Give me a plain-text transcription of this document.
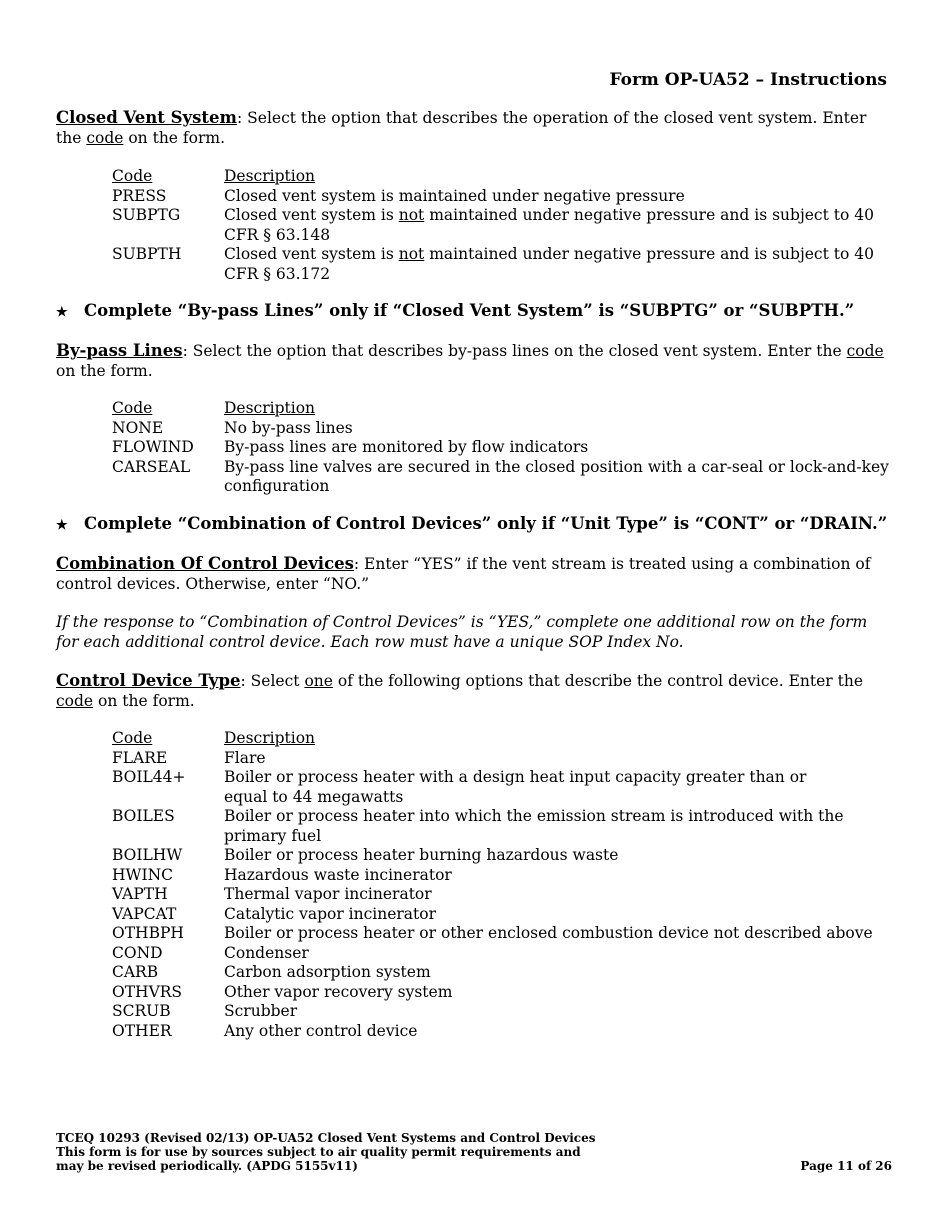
Form OP-UA52 – Instructions
Closed Vent System: Select the option that describes the operation of the closed vent system. Enter the code on the form.
Code	Description
PRESS	Closed vent system is maintained under negative pressure
SUBPTG	Closed vent system is not maintained under negative pressure and is subject to 40 CFR § 63.148
SUBPTH	Closed vent system is not maintained under negative pressure and is subject to 40 CFR § 63.172
★ Complete “By-pass Lines” only if “Closed Vent System” is “SUBPTG” or “SUBPTH.”
By-pass Lines: Select the option that describes by-pass lines on the closed vent system. Enter the code on the form.
Code	Description
NONE	No by-pass lines
FLOWIND	By-pass lines are monitored by flow indicators
CARSEAL	By-pass line valves are secured in the closed position with a car-seal or lock-and-key configuration
★ Complete “Combination of Control Devices” only if “Unit Type” is “CONT” or “DRAIN.”
Combination Of Control Devices: Enter “YES” if the vent stream is treated using a combination of control devices. Otherwise, enter “NO.”
If the response to “Combination of Control Devices” is “YES,” complete one additional row on the form for each additional control device. Each row must have a unique SOP Index No.
Control Device Type: Select one of the following options that describe the control device. Enter the code on the form.
Code	Description
FLARE	Flare
BOIL44+	Boiler or process heater with a design heat input capacity greater than or equal to 44 megawatts
BOILES	Boiler or process heater into which the emission stream is introduced with the primary fuel
BOILHW	Boiler or process heater burning hazardous waste
HWINC	Hazardous waste incinerator
VAPTH	Thermal vapor incinerator
VAPCAT	Catalytic vapor incinerator
OTHBPH	Boiler or process heater or other enclosed combustion device not described above
COND	Condenser
CARB	Carbon adsorption system
OTHVRS	Other vapor recovery system
SCRUB	Scrubber
OTHER	Any other control device
TCEQ 10293 (Revised 02/13) OP-UA52 Closed Vent Systems and Control Devices
This form is for use by sources subject to air quality permit requirements and
may be revised periodically. (APDG 5155v11)	Page 11 of 26
